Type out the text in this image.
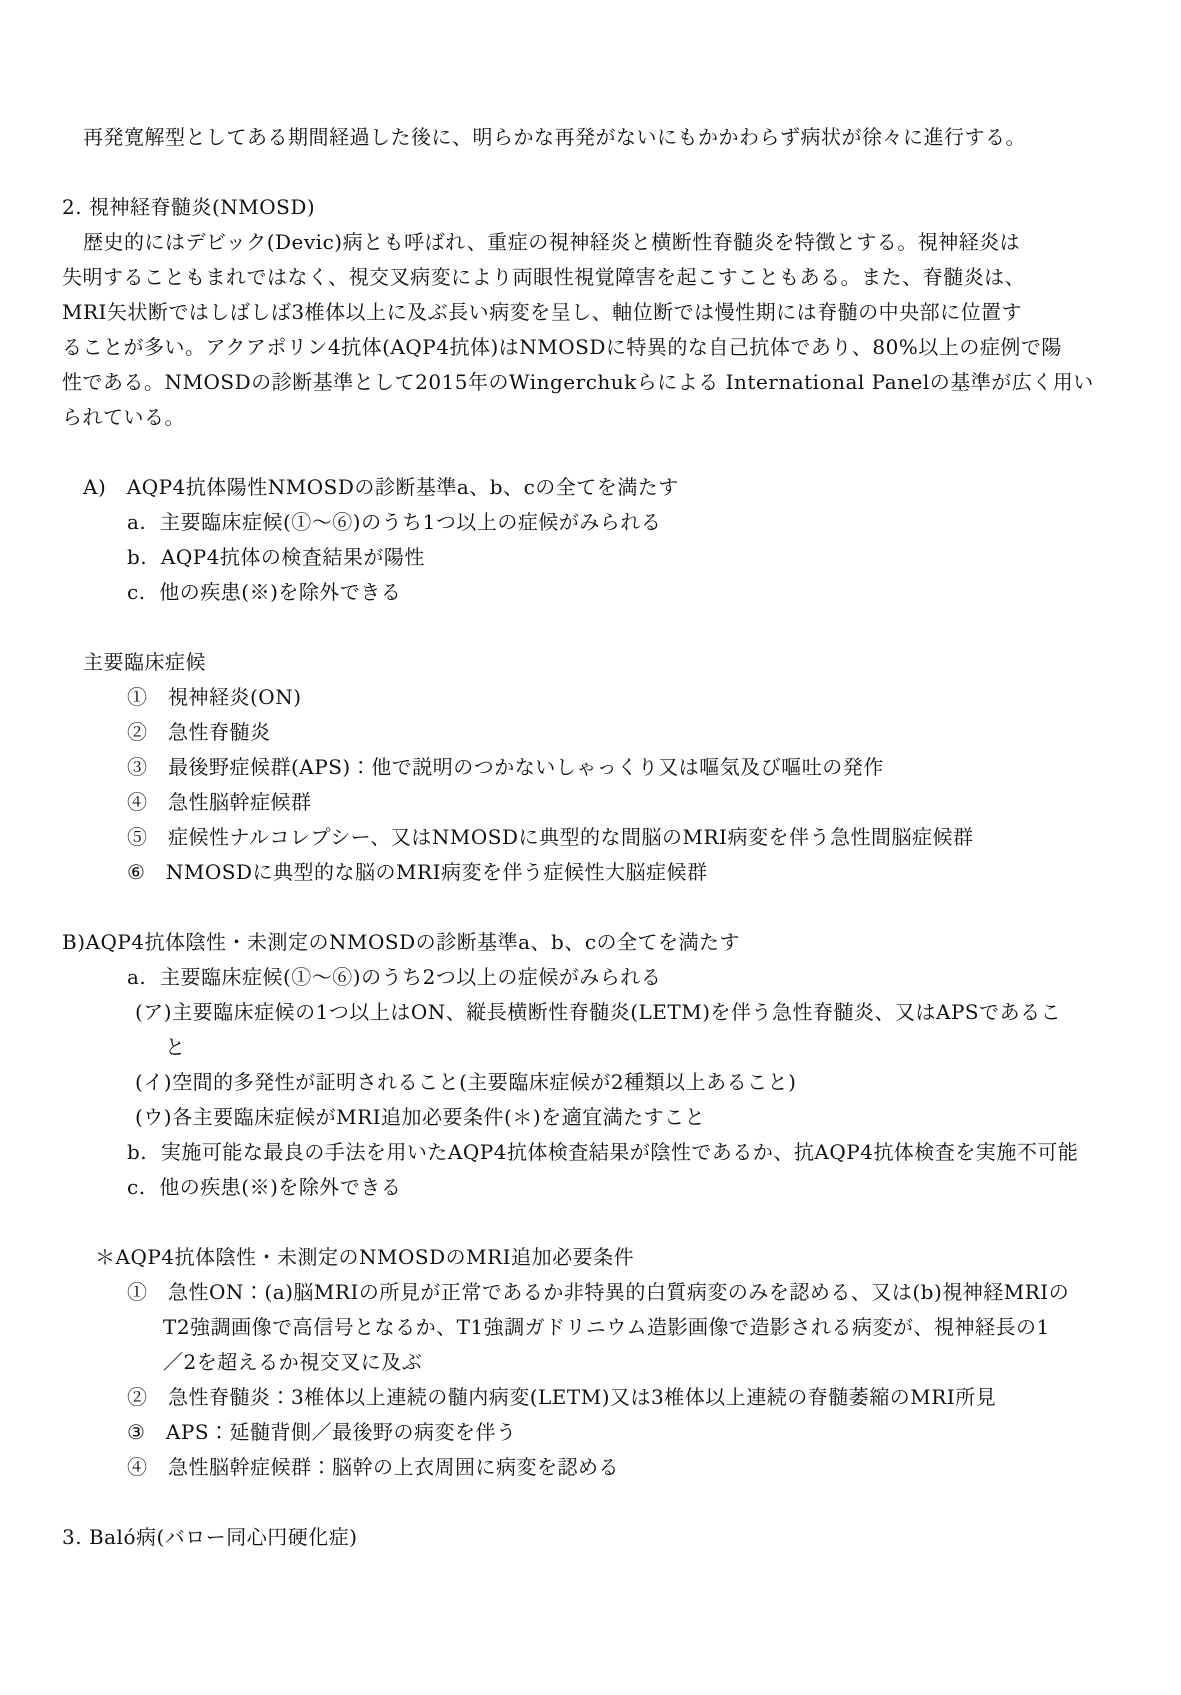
再発寛解型としてある期間経過した後に、明らかな再発がないにもかかわらず病状が徐々に進行する。
2. 視神経脊髄炎(NMOSD)
歴史的にはデビック(Devic)病とも呼ばれ、重症の視神経炎と横断性脊髄炎を特徴とする。視神経炎は
失明することもまれではなく、視交叉病変により両眼性視覚障害を起こすこともある。また、脊髄炎は、
MRI矢状断ではしばしば3椎体以上に及ぶ長い病変を呈し、軸位断では慢性期には脊髄の中央部に位置す
ることが多い。アクアポリン4抗体(AQP4抗体)はNMOSDに特異的な自己抗体であり、80%以上の症例で陽
性である。NMOSDの診断基準として2015年のWingerchukらによる International Panelの基準が広く用い
られている。
A)　AQP4抗体陽性NMOSDの診断基準a、b、cの全てを満たす
a.  主要臨床症候(①～⑥)のうち1つ以上の症候がみられる
b.  AQP4抗体の検査結果が陽性
c.  他の疾患(※)を除外できる
主要臨床症候
①　視神経炎(ON)
②　急性脊髄炎
③　最後野症候群(APS)：他で説明のつかないしゃっくり又は嘔気及び嘔吐の発作
④　急性脳幹症候群
⑤　症候性ナルコレプシー、又はNMOSDに典型的な間脳のMRI病変を伴う急性間脳症候群
⑥　NMOSDに典型的な脳のMRI病変を伴う症候性大脳症候群
B)AQP4抗体陰性・未測定のNMOSDの診断基準a、b、cの全てを満たす
a.  主要臨床症候(①～⑥)のうち2つ以上の症候がみられる
(ア)主要臨床症候の1つ以上はON、縦長横断性脊髄炎(LETM)を伴う急性脊髄炎、又はAPSであるこ
と
(イ)空間的多発性が証明されること(主要臨床症候が2種類以上あること)
(ウ)各主要臨床症候がMRI追加必要条件(＊)を適宜満たすこと
b.  実施可能な最良の手法を用いたAQP4抗体検査結果が陰性であるか、抗AQP4抗体検査を実施不可能
c.  他の疾患(※)を除外できる
＊AQP4抗体陰性・未測定のNMOSDのMRI追加必要条件
①　急性ON：(a)脳MRIの所見が正常であるか非特異的白質病変のみを認める、又は(b)視神経MRIの
T2強調画像で高信号となるか、T1強調ガドリニウム造影画像で造影される病変が、視神経長の1
／2を超えるか視交叉に及ぶ
②　急性脊髄炎：3椎体以上連続の髄内病変(LETM)又は3椎体以上連続の脊髄萎縮のMRI所見
③　APS：延髄背側／最後野の病変を伴う
④　急性脳幹症候群：脳幹の上衣周囲に病変を認める
3. Baló病(バロー同心円硬化症)
